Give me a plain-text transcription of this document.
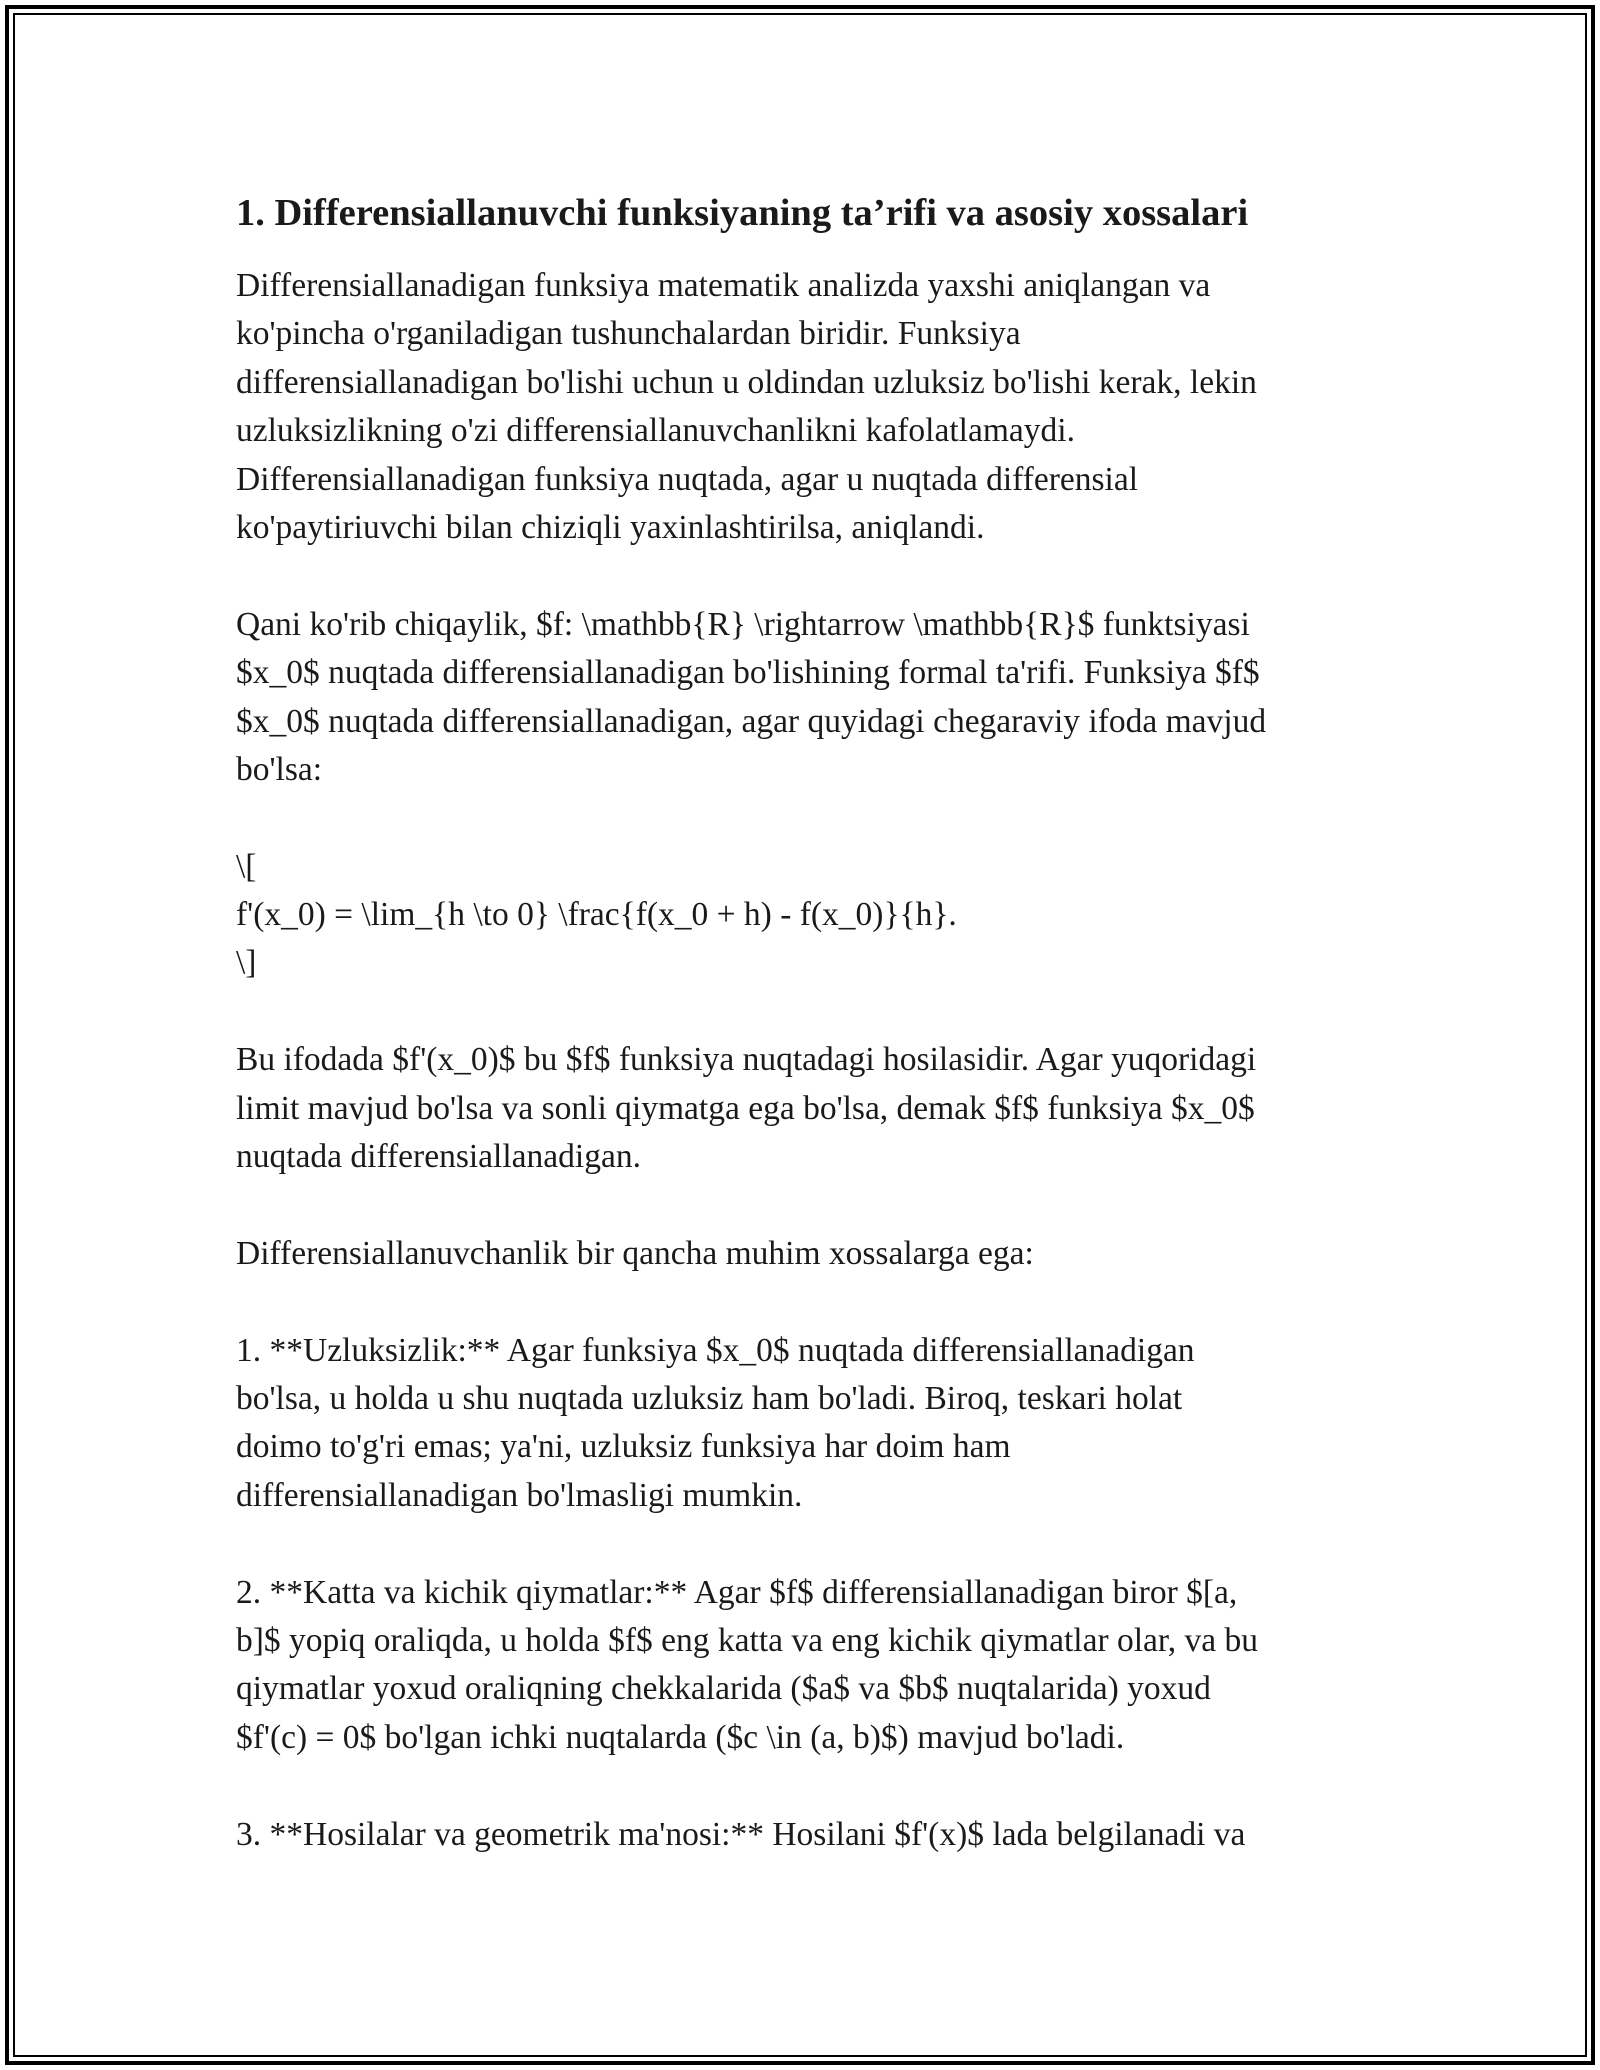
1. Differensiallanuvchi funksiyaning ta’rifi va asosiy xossalari
Differensiallanadigan funksiya matematik analizda yaxshi aniqlangan va
ko'pincha o'rganiladigan tushunchalardan biridir. Funksiya
differensiallanadigan bo'lishi uchun u oldindan uzluksiz bo'lishi kerak, lekin
uzluksizlikning o'zi differensiallanuvchanlikni kafolatlamaydi.
Differensiallanadigan funksiya nuqtada, agar u nuqtada differensial
ko'paytiriuvchi bilan chiziqli yaxinlashtirilsa, aniqlandi.
Qani ko'rib chiqaylik, $f: \mathbb{R} \rightarrow \mathbb{R}$ funktsiyasi
$x_0$ nuqtada differensiallanadigan bo'lishining formal ta'rifi. Funksiya $f$
$x_0$ nuqtada differensiallanadigan, agar quyidagi chegaraviy ifoda mavjud
bo'lsa:
\[
f'(x_0) = \lim_{h \to 0} \frac{f(x_0 + h) - f(x_0)}{h}.
\]
Bu ifodada $f'(x_0)$ bu $f$ funksiya nuqtadagi hosilasidir. Agar yuqoridagi
limit mavjud bo'lsa va sonli qiymatga ega bo'lsa, demak $f$ funksiya $x_0$
nuqtada differensiallanadigan.
Differensiallanuvchanlik bir qancha muhim xossalarga ega:
1. **Uzluksizlik:** Agar funksiya $x_0$ nuqtada differensiallanadigan
bo'lsa, u holda u shu nuqtada uzluksiz ham bo'ladi. Biroq, teskari holat
doimo to'g'ri emas; ya'ni, uzluksiz funksiya har doim ham
differensiallanadigan bo'lmasligi mumkin.
2. **Katta va kichik qiymatlar:** Agar $f$ differensiallanadigan biror $[a,
b]$ yopiq oraliqda, u holda $f$ eng katta va eng kichik qiymatlar olar, va bu
qiymatlar yoxud oraliqning chekkalarida ($a$ va $b$ nuqtalarida) yoxud
$f'(c) = 0$ bo'lgan ichki nuqtalarda ($c \in (a, b)$) mavjud bo'ladi.
3. **Hosilalar va geometrik ma'nosi:** Hosilani $f'(x)$ lada belgilanadi va
